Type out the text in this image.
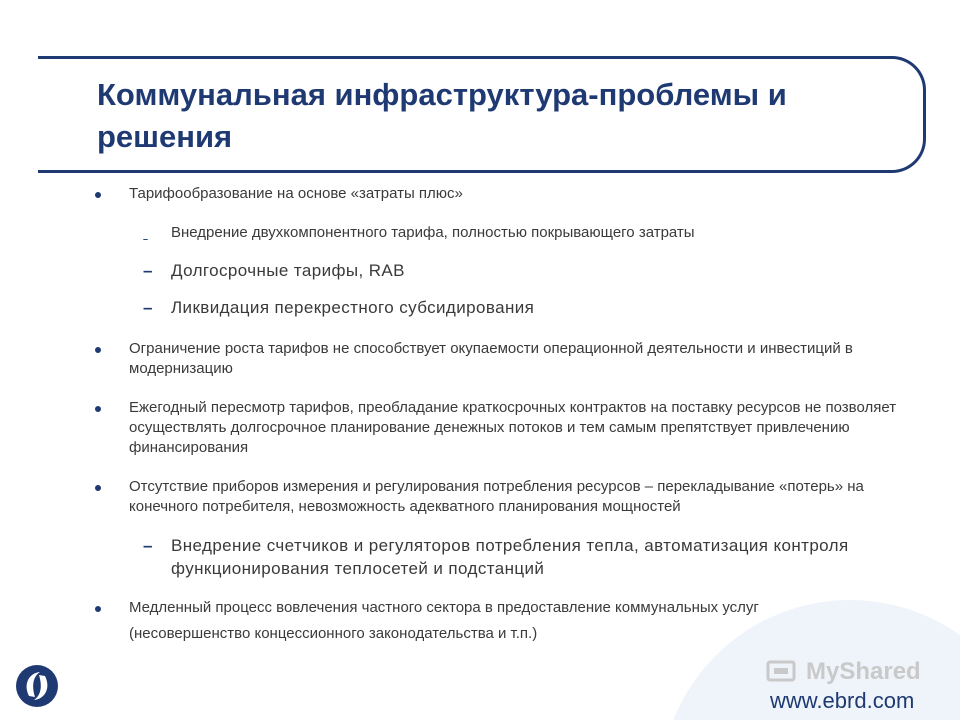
Коммунальная инфраструктура-проблемы и решения
Тарифообразование на основе «затраты плюс»
– Внедрение двухкомпонентного тарифа, полностью покрывающего затраты
– Долгосрочные тарифы, RAB
– Ликвидация перекрестного субсидирования
Ограничение роста тарифов не способствует окупаемости операционной деятельности и инвестиций в модернизацию
Ежегодный пересмотр тарифов, преобладание краткосрочных контрактов на поставку ресурсов не позволяет осуществлять долгосрочное планирование денежных потоков и тем самым препятствует привлечению финансирования
Отсутствие приборов измерения и регулирования потребления ресурсов – перекладывание «потерь» на конечного потребителя, невозможность адекватного планирования мощностей
– Внедрение счетчиков и регуляторов потребления тепла, автоматизация контроля функционирования теплосетей и подстанций
Медленный процесс вовлечения частного сектора в предоставление коммунальных услуг
(несовершенство концессионного законодательства и т.п.)
MyShared
www.ebrd.com
